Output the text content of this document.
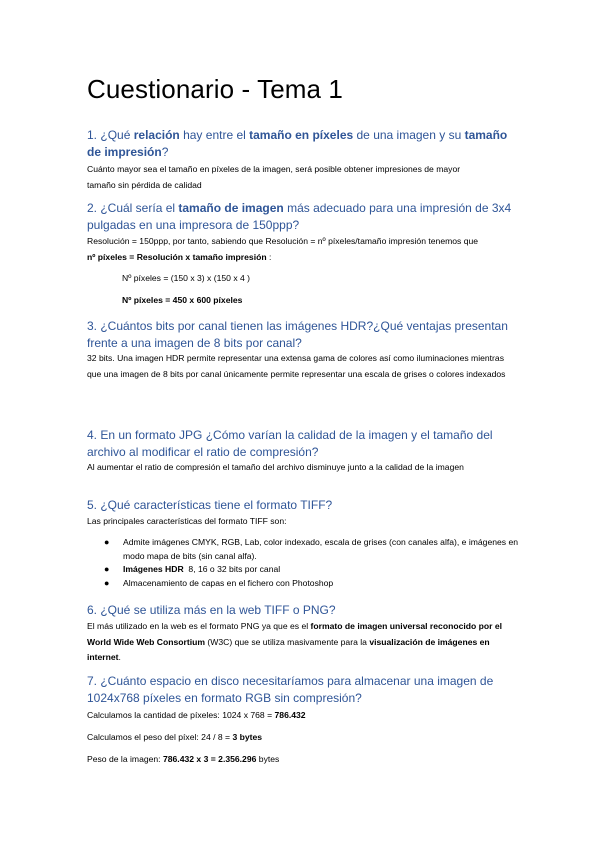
Cuestionario - Tema 1

1. ¿Qué relación hay entre el tamaño en píxeles de una imagen y su tamaño de impresión?

Cuánto mayor sea el tamaño en píxeles de la imagen, será posible obtener impresiones de mayor tamaño sin pérdida de calidad

2. ¿Cuál sería el tamaño de imagen más adecuado para una impresión de 3x4 pulgadas en una impresora de 150ppp?

Resolución = 150ppp, por tanto, sabiendo que Resolución = nº píxeles/tamaño impresión tenemos que nº píxeles = Resolución x tamaño impresión :

Nº píxeles = (150 x 3) x (150 x 4 )

Nº píxeles = 450 x 600 píxeles

3. ¿Cuántos bits por canal tienen las imágenes HDR?¿Qué ventajas presentan frente a una imagen de 8 bits por canal?

32 bits. Una imagen HDR permite representar una extensa gama de colores así como iluminaciones mientras que una imagen de 8 bits por canal únicamente permite representar una escala de grises o colores indexados

4. En un formato JPG ¿Cómo varían la calidad de la imagen y el tamaño del archivo al modificar el ratio de compresión?

Al aumentar el ratio de compresión el tamaño del archivo disminuye junto a la calidad de la imagen

5. ¿Qué características tiene el formato TIFF?

Las principales características del formato TIFF son:

● Admite imágenes CMYK, RGB, Lab, color indexado, escala de grises (con canales alfa), e imágenes en modo mapa de bits (sin canal alfa).
● Imágenes HDR  8, 16 o 32 bits por canal
● Almacenamiento de capas en el fichero con Photoshop

6. ¿Qué se utiliza más en la web TIFF o PNG?

El más utilizado en la web es el formato PNG ya que es el formato de imagen universal reconocido por el World Wide Web Consortium (W3C) que se utiliza masivamente para la visualización de imágenes en internet.

7. ¿Cuánto espacio en disco necesitaríamos para almacenar una imagen de 1024x768 píxeles en formato RGB sin compresión?

Calculamos la cantidad de píxeles: 1024 x 768 = 786.432

Calculamos el peso del píxel: 24 / 8 = 3 bytes

Peso de la imagen: 786.432 x 3 = 2.356.296 bytes
